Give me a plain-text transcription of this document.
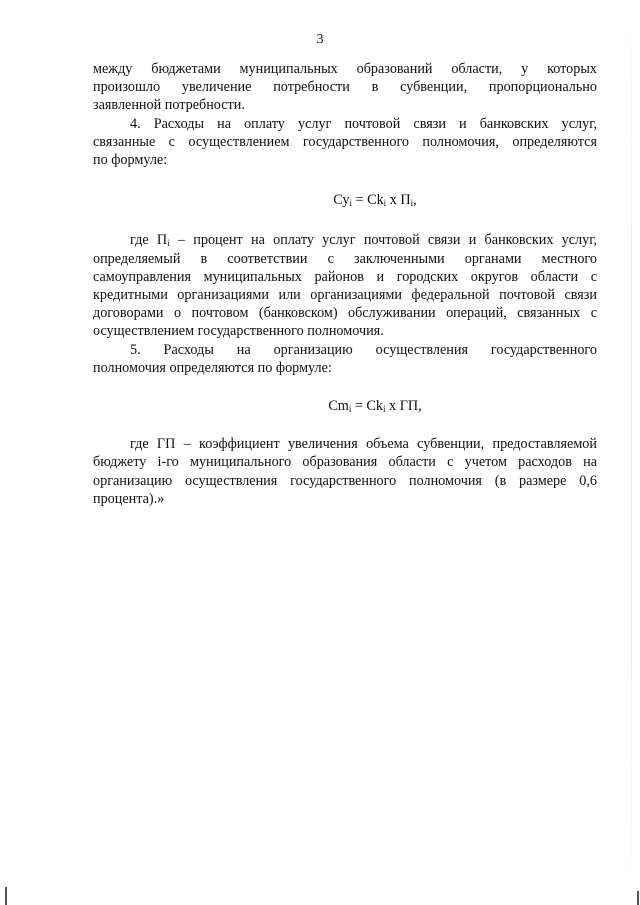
3
между бюджетами муниципальных образований области, у которых
произошло увеличение потребности в субвенции, пропорционально
заявленной потребности.
4. Расходы на оплату услуг почтовой связи и банковских услуг,
связанные с осуществлением государственного полномочия, определяются
по формуле:
$Су_i = Ck_i$ x $П_i$,
где $П_i$ – процент на оплату услуг почтовой связи и банковских услуг,
определяемый в соответствии с заключенными органами местного
самоуправления муниципальных районов и городских округов области с
кредитными организациями или организациями федеральной почтовой связи
договорами о почтовом (банковском) обслуживании операций, связанных с
осуществлением государственного полномочия.
5. Расходы на организацию осуществления государственного
полномочия определяются по формуле:
$Cm_i = Ck_i$ x ГП,
где ГП – коэффициент увеличения объема субвенции, предоставляемой
бюджету i-го муниципального образования области с учетом расходов на
организацию осуществления государственного полномочия (в размере 0,6
процента).»
